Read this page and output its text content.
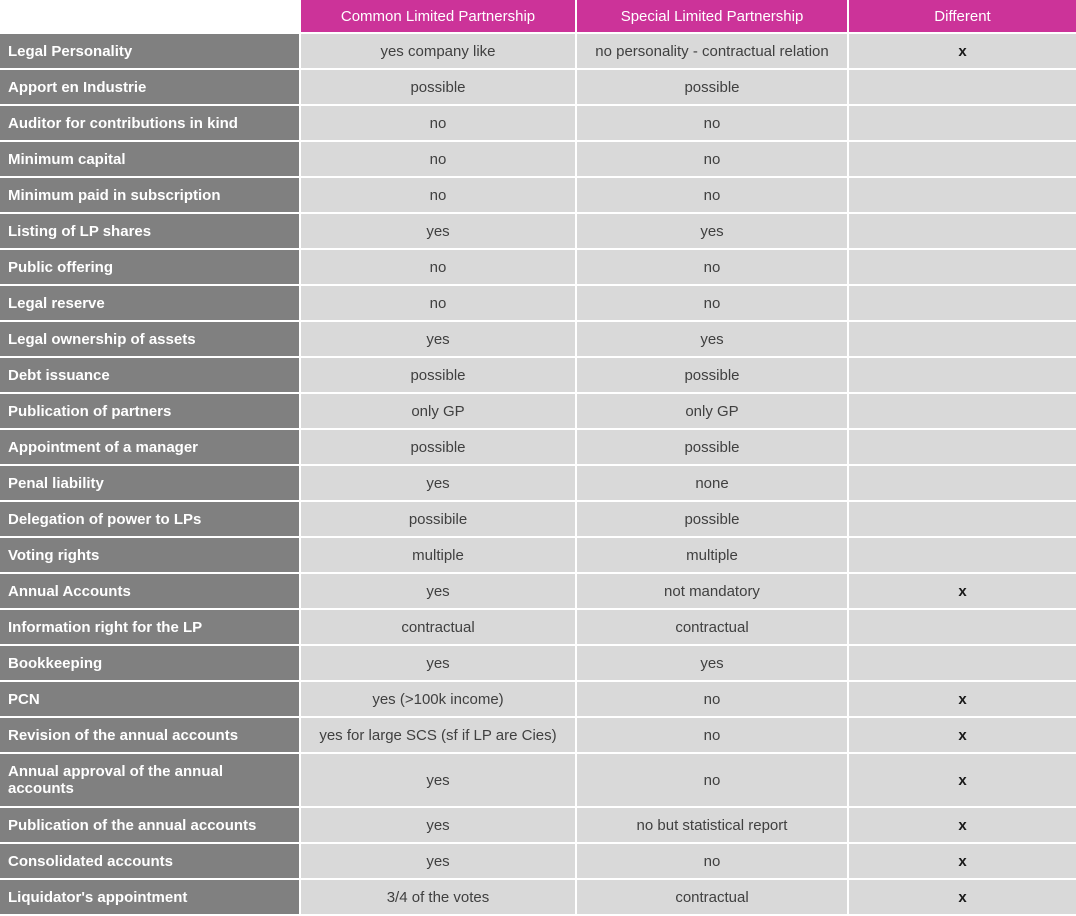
	Common Limited Partnership	Special Limited Partnership	Different
Legal Personality	yes company like	no personality - contractual relation	x
Apport en Industrie	possible	possible	
Auditor for contributions in kind	no	no	
Minimum capital	no	no	
Minimum paid in subscription	no	no	
Listing of LP shares	yes	yes	
Public offering	no	no	
Legal reserve	no	no	
Legal ownership of assets	yes	yes	
Debt issuance	possible	possible	
Publication of partners	only GP	only GP	
Appointment of a manager	possible	possible	
Penal liability	yes	none	
Delegation of power to LPs	possibile	possible	
Voting rights	multiple	multiple	
Annual Accounts	yes	not mandatory	x
Information right for the LP	contractual	contractual	
Bookkeeping	yes	yes	
PCN	yes (>100k income)	no	x
Revision of the annual accounts	yes for large SCS (sf if LP are Cies)	no	x
Annual approval of the annual accounts	yes	no	x
Publication of the annual accounts	yes	no but statistical report	x
Consolidated accounts	yes	no	x
Liquidator's appointment	3/4 of the votes	contractual	x
